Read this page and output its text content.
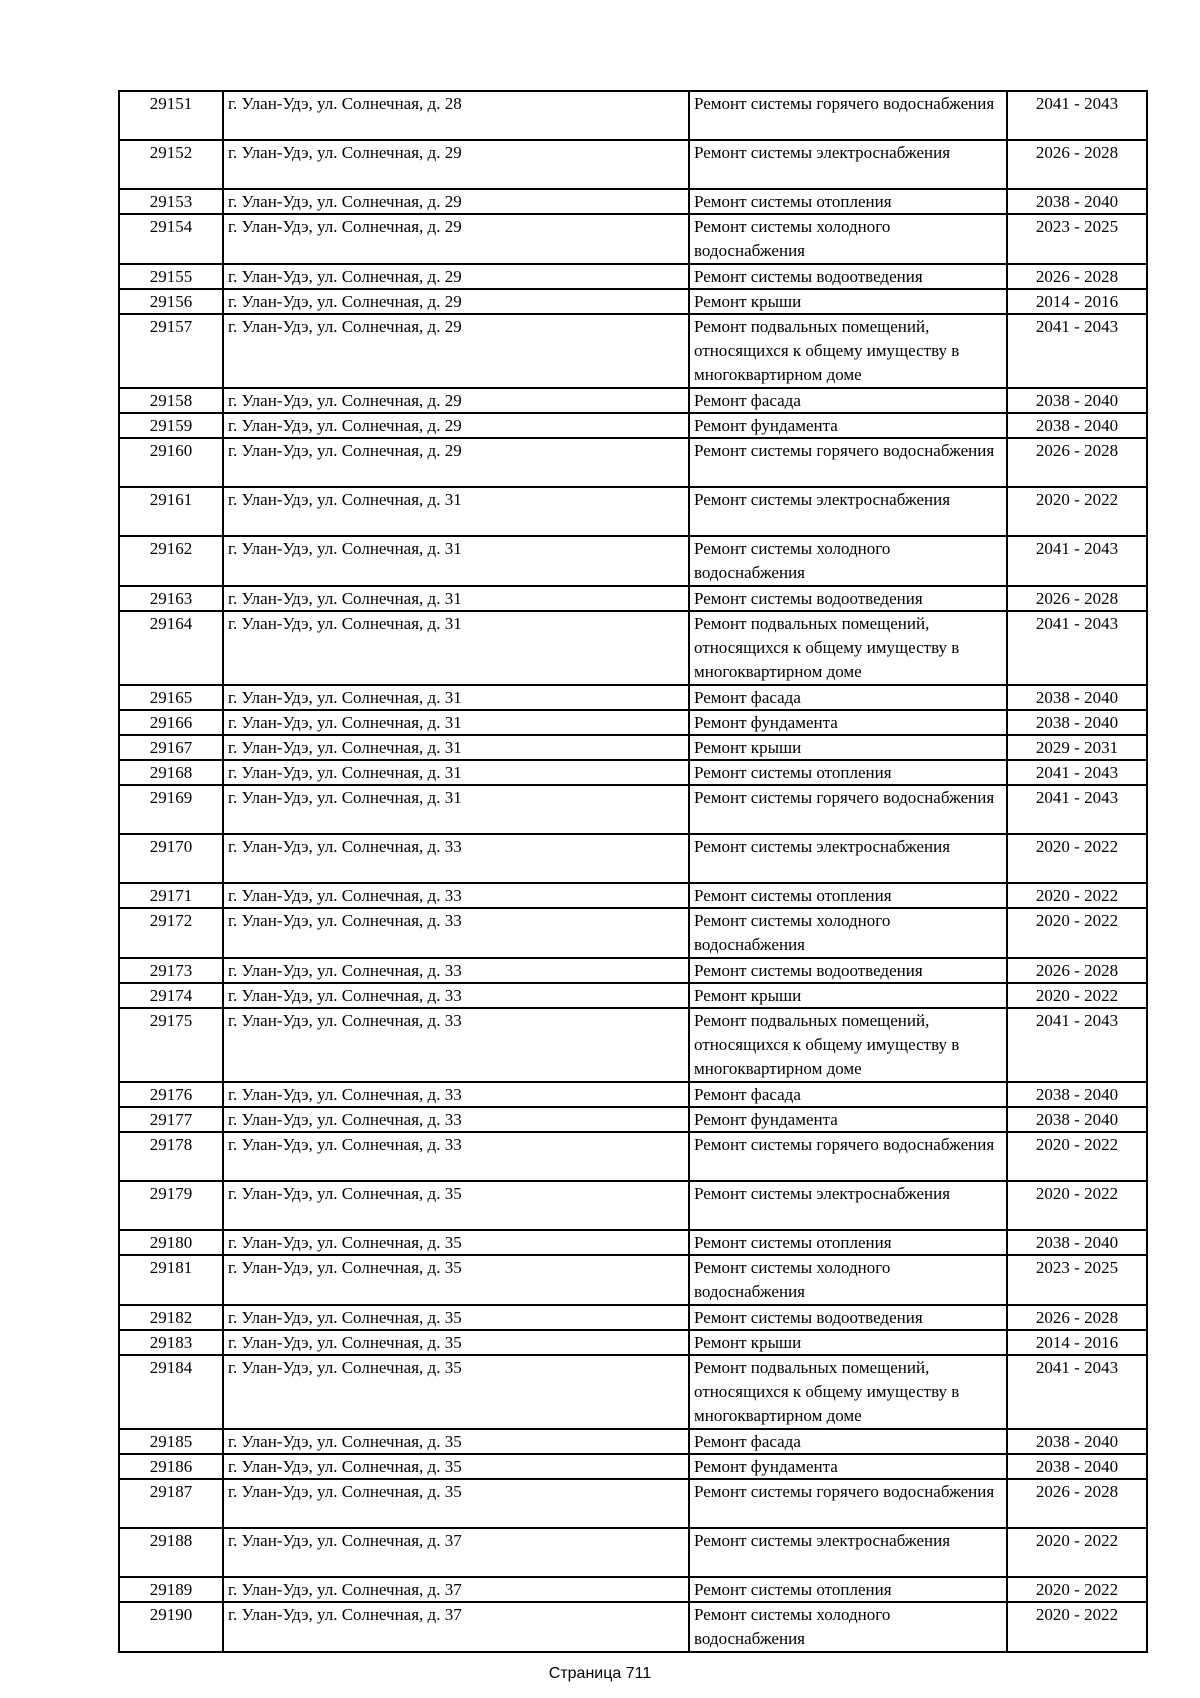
29151	г. Улан-Удэ, ул. Солнечная, д. 28	Ремонт системы горячего водоснабжения	2041 - 2043
29152	г. Улан-Удэ, ул. Солнечная, д. 29	Ремонт системы электроснабжения	2026 - 2028
29153	г. Улан-Удэ, ул. Солнечная, д. 29	Ремонт системы отопления	2038 - 2040
29154	г. Улан-Удэ, ул. Солнечная, д. 29	Ремонт системы холодного водоснабжения	2023 - 2025
29155	г. Улан-Удэ, ул. Солнечная, д. 29	Ремонт системы водоотведения	2026 - 2028
29156	г. Улан-Удэ, ул. Солнечная, д. 29	Ремонт крыши	2014 - 2016
29157	г. Улан-Удэ, ул. Солнечная, д. 29	Ремонт подвальных помещений, относящихся к общему имуществу в многоквартирном доме	2041 - 2043
29158	г. Улан-Удэ, ул. Солнечная, д. 29	Ремонт фасада	2038 - 2040
29159	г. Улан-Удэ, ул. Солнечная, д. 29	Ремонт фундамента	2038 - 2040
29160	г. Улан-Удэ, ул. Солнечная, д. 29	Ремонт системы горячего водоснабжения	2026 - 2028
29161	г. Улан-Удэ, ул. Солнечная, д. 31	Ремонт системы электроснабжения	2020 - 2022
29162	г. Улан-Удэ, ул. Солнечная, д. 31	Ремонт системы холодного водоснабжения	2041 - 2043
29163	г. Улан-Удэ, ул. Солнечная, д. 31	Ремонт системы водоотведения	2026 - 2028
29164	г. Улан-Удэ, ул. Солнечная, д. 31	Ремонт подвальных помещений, относящихся к общему имуществу в многоквартирном доме	2041 - 2043
29165	г. Улан-Удэ, ул. Солнечная, д. 31	Ремонт фасада	2038 - 2040
29166	г. Улан-Удэ, ул. Солнечная, д. 31	Ремонт фундамента	2038 - 2040
29167	г. Улан-Удэ, ул. Солнечная, д. 31	Ремонт крыши	2029 - 2031
29168	г. Улан-Удэ, ул. Солнечная, д. 31	Ремонт системы отопления	2041 - 2043
29169	г. Улан-Удэ, ул. Солнечная, д. 31	Ремонт системы горячего водоснабжения	2041 - 2043
29170	г. Улан-Удэ, ул. Солнечная, д. 33	Ремонт системы электроснабжения	2020 - 2022
29171	г. Улан-Удэ, ул. Солнечная, д. 33	Ремонт системы отопления	2020 - 2022
29172	г. Улан-Удэ, ул. Солнечная, д. 33	Ремонт системы холодного водоснабжения	2020 - 2022
29173	г. Улан-Удэ, ул. Солнечная, д. 33	Ремонт системы водоотведения	2026 - 2028
29174	г. Улан-Удэ, ул. Солнечная, д. 33	Ремонт крыши	2020 - 2022
29175	г. Улан-Удэ, ул. Солнечная, д. 33	Ремонт подвальных помещений, относящихся к общему имуществу в многоквартирном доме	2041 - 2043
29176	г. Улан-Удэ, ул. Солнечная, д. 33	Ремонт фасада	2038 - 2040
29177	г. Улан-Удэ, ул. Солнечная, д. 33	Ремонт фундамента	2038 - 2040
29178	г. Улан-Удэ, ул. Солнечная, д. 33	Ремонт системы горячего водоснабжения	2020 - 2022
29179	г. Улан-Удэ, ул. Солнечная, д. 35	Ремонт системы электроснабжения	2020 - 2022
29180	г. Улан-Удэ, ул. Солнечная, д. 35	Ремонт системы отопления	2038 - 2040
29181	г. Улан-Удэ, ул. Солнечная, д. 35	Ремонт системы холодного водоснабжения	2023 - 2025
29182	г. Улан-Удэ, ул. Солнечная, д. 35	Ремонт системы водоотведения	2026 - 2028
29183	г. Улан-Удэ, ул. Солнечная, д. 35	Ремонт крыши	2014 - 2016
29184	г. Улан-Удэ, ул. Солнечная, д. 35	Ремонт подвальных помещений, относящихся к общему имуществу в многоквартирном доме	2041 - 2043
29185	г. Улан-Удэ, ул. Солнечная, д. 35	Ремонт фасада	2038 - 2040
29186	г. Улан-Удэ, ул. Солнечная, д. 35	Ремонт фундамента	2038 - 2040
29187	г. Улан-Удэ, ул. Солнечная, д. 35	Ремонт системы горячего водоснабжения	2026 - 2028
29188	г. Улан-Удэ, ул. Солнечная, д. 37	Ремонт системы электроснабжения	2020 - 2022
29189	г. Улан-Удэ, ул. Солнечная, д. 37	Ремонт системы отопления	2020 - 2022
29190	г. Улан-Удэ, ул. Солнечная, д. 37	Ремонт системы холодного водоснабжения	2020 - 2022
Страница 711
